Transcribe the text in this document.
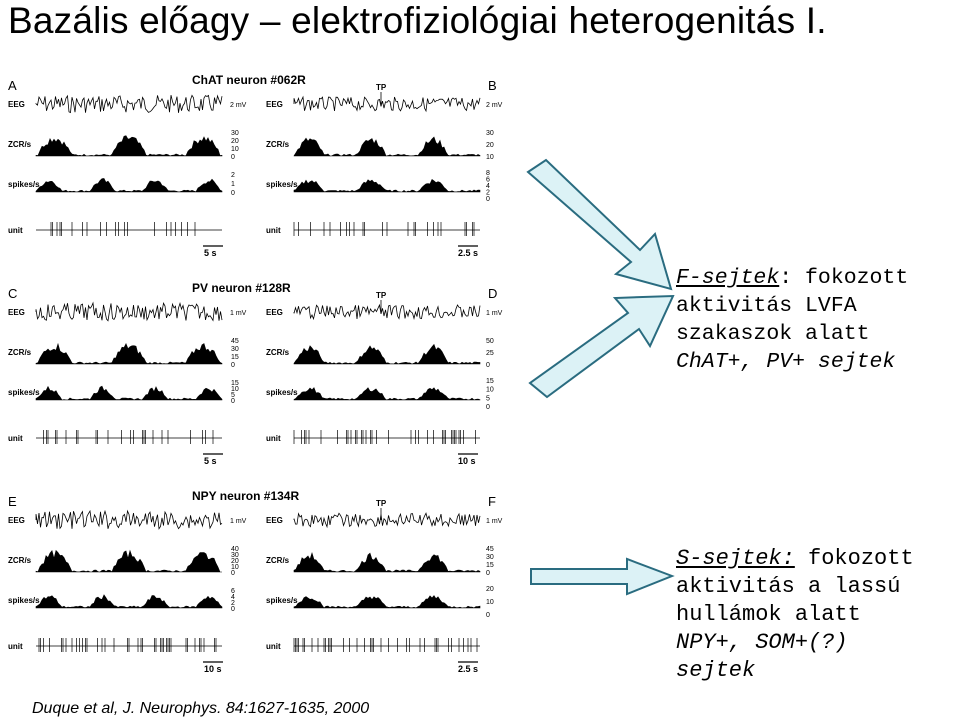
Bazális előagy – elektrofiziológiai heterogenitás I.
A	B
ChAT neuron #062R
TP
EEG
ZCR/s
spikes/s
unit
EEG
ZCR/s
spikes/s
unit
2 mV	2 mV
30
20
10
0
30
20
10
2
1
0
8
6
4
2
0
5 s	2.5 s
C	D
PV neuron #128R
TP
EEG
ZCR/s
spikes/s
unit
EEG
ZCR/s
spikes/s
unit
1 mV	1 mV
45
30
15
0
50
25
0
15
10
5
0
15
10
5
0
5 s	10 s
E	F
NPY neuron #134R
TP
EEG
ZCR/s
spikes/s
unit
EEG
ZCR/s
spikes/s
unit
1 mV	1 mV
40
30
20
10
0
45
30
15
0
6
4
2
0
20
10
0
10 s	2.5 s
F-sejtek: fokozott
aktivitás LVFA
szakaszok alatt
ChAT+, PV+ sejtek
S-sejtek: fokozott
aktivitás a lassú
hullámok alatt
NPY+, SOM+(?)
sejtek
Duque et al, J. Neurophys. 84:1627-1635, 2000
